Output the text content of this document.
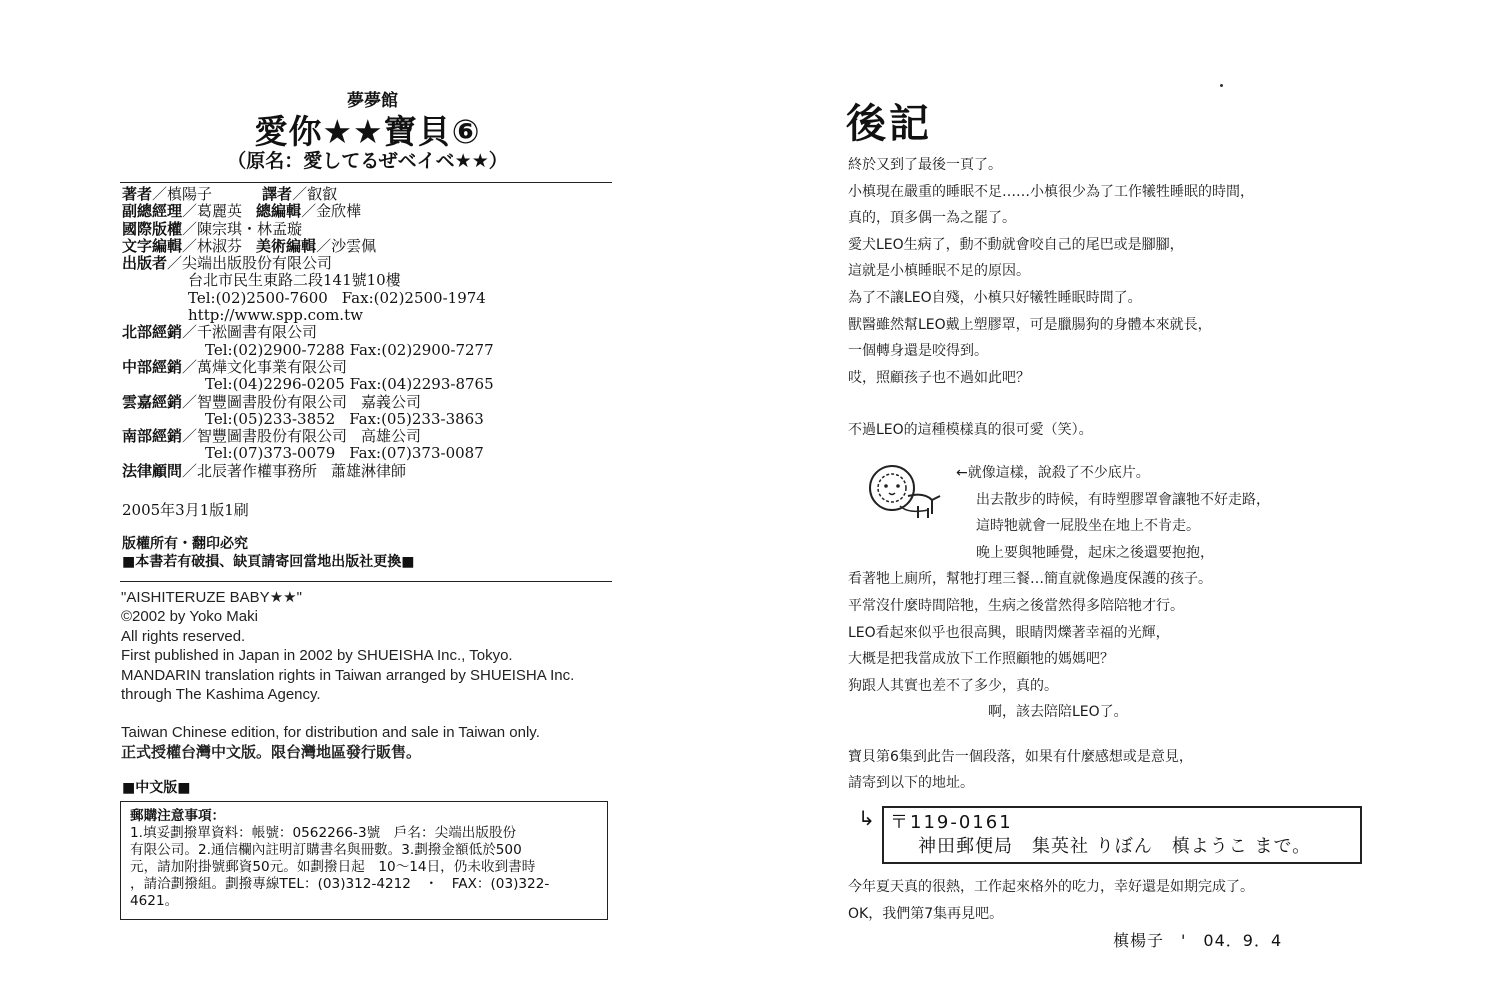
夢夢館
愛你★★寶貝⑥
（原名：愛してるぜベイベ★★）
著者／槙陽子	譯者／叡叡
副總經理／葛麗英 總編輯／金欣樺
國際版權／陳宗琪・林孟璇
文字編輯／林淑芬 美術編輯／沙雲佩
出版者／尖端出版股份有限公司
台北市民生東路二段141號10樓
Tel:(02)2500-7600 Fax:(02)2500-1974
http://www.spp.com.tw
北部經銷／千淞圖書有限公司
Tel:(02)2900-7288 Fax:(02)2900-7277
中部經銷／萬燁文化事業有限公司
Tel:(04)2296-0205 Fax:(04)2293-8765
雲嘉經銷／智豐圖書股份有限公司 嘉義公司
Tel:(05)233-3852 Fax:(05)233-3863
南部經銷／智豐圖書股份有限公司 高雄公司
Tel:(07)373-0079 Fax:(07)373-0087
法律顧問／北辰著作權事務所 蕭雄淋律師
2005年3月1版1刷
版權所有・翻印必究
■本書若有破損、缺頁請寄回當地出版社更換■
"AISHITERUZE BABY★★"
©2002 by Yoko Maki
All rights reserved.
First published in Japan in 2002 by SHUEISHA Inc., Tokyo.
MANDARIN translation rights in Taiwan arranged by SHUEISHA Inc.
through The Kashima Agency.
Taiwan Chinese edition, for distribution and sale in Taiwan only.
正式授權台灣中文版。限台灣地區發行販售。
■中文版■

郵購注意事項：

1.填妥劃撥單資料：帳號：0562266-3號　戶名：尖端出版股份

有限公司。2.通信欄內註明訂購書名與冊數。3.劃撥金額低於500

元，請加附掛號郵資50元。如劃撥日起　10～14日，仍未收到書時

，請洽劃撥組。劃撥專線TEL：(03)312-4212　・　FAX：(03)322-

4621。

後記
終於又到了最後一頁了。
小槙現在嚴重的睡眠不足……小槙很少為了工作犧牲睡眠的時間，
真的，頂多偶一為之罷了。
愛犬LEO生病了，動不動就會咬自己的尾巴或是腳腳，
這就是小槙睡眠不足的原因。
為了不讓LEO自殘，小槙只好犧牲睡眠時間了。
獸醫雖然幫LEO戴上塑膠罩，可是臘腸狗的身體本來就長，
一個轉身還是咬得到。
哎，照顧孩子也不過如此吧？
不過LEO的這種模樣真的很可愛（笑）。
←就像這樣，說殺了不少底片。
出去散步的時候，有時塑膠罩會讓牠不好走路，
這時牠就會一屁股坐在地上不肯走。
晚上要與牠睡覺，起床之後還要抱抱，
看著牠上廁所，幫牠打理三餐…簡直就像過度保護的孩子。
平常沒什麼時間陪牠，生病之後當然得多陪陪牠才行。
LEO看起來似乎也很高興，眼睛閃爍著幸福的光輝，
大概是把我當成放下工作照顧牠的媽媽吧？
狗跟人其實也差不了多少，真的。
啊，該去陪陪LEO了。
寶貝第6集到此告一個段落，如果有什麼感想或是意見，
請寄到以下的地址。
↳ 〒119-0161
神田郵便局　集英社 りぼん　槙ようこ まで。
今年夏天真的很熱，工作起來格外的吃力，幸好還是如期完成了。
OK，我們第7集再見吧。
槙楊子　'　04．9．4
